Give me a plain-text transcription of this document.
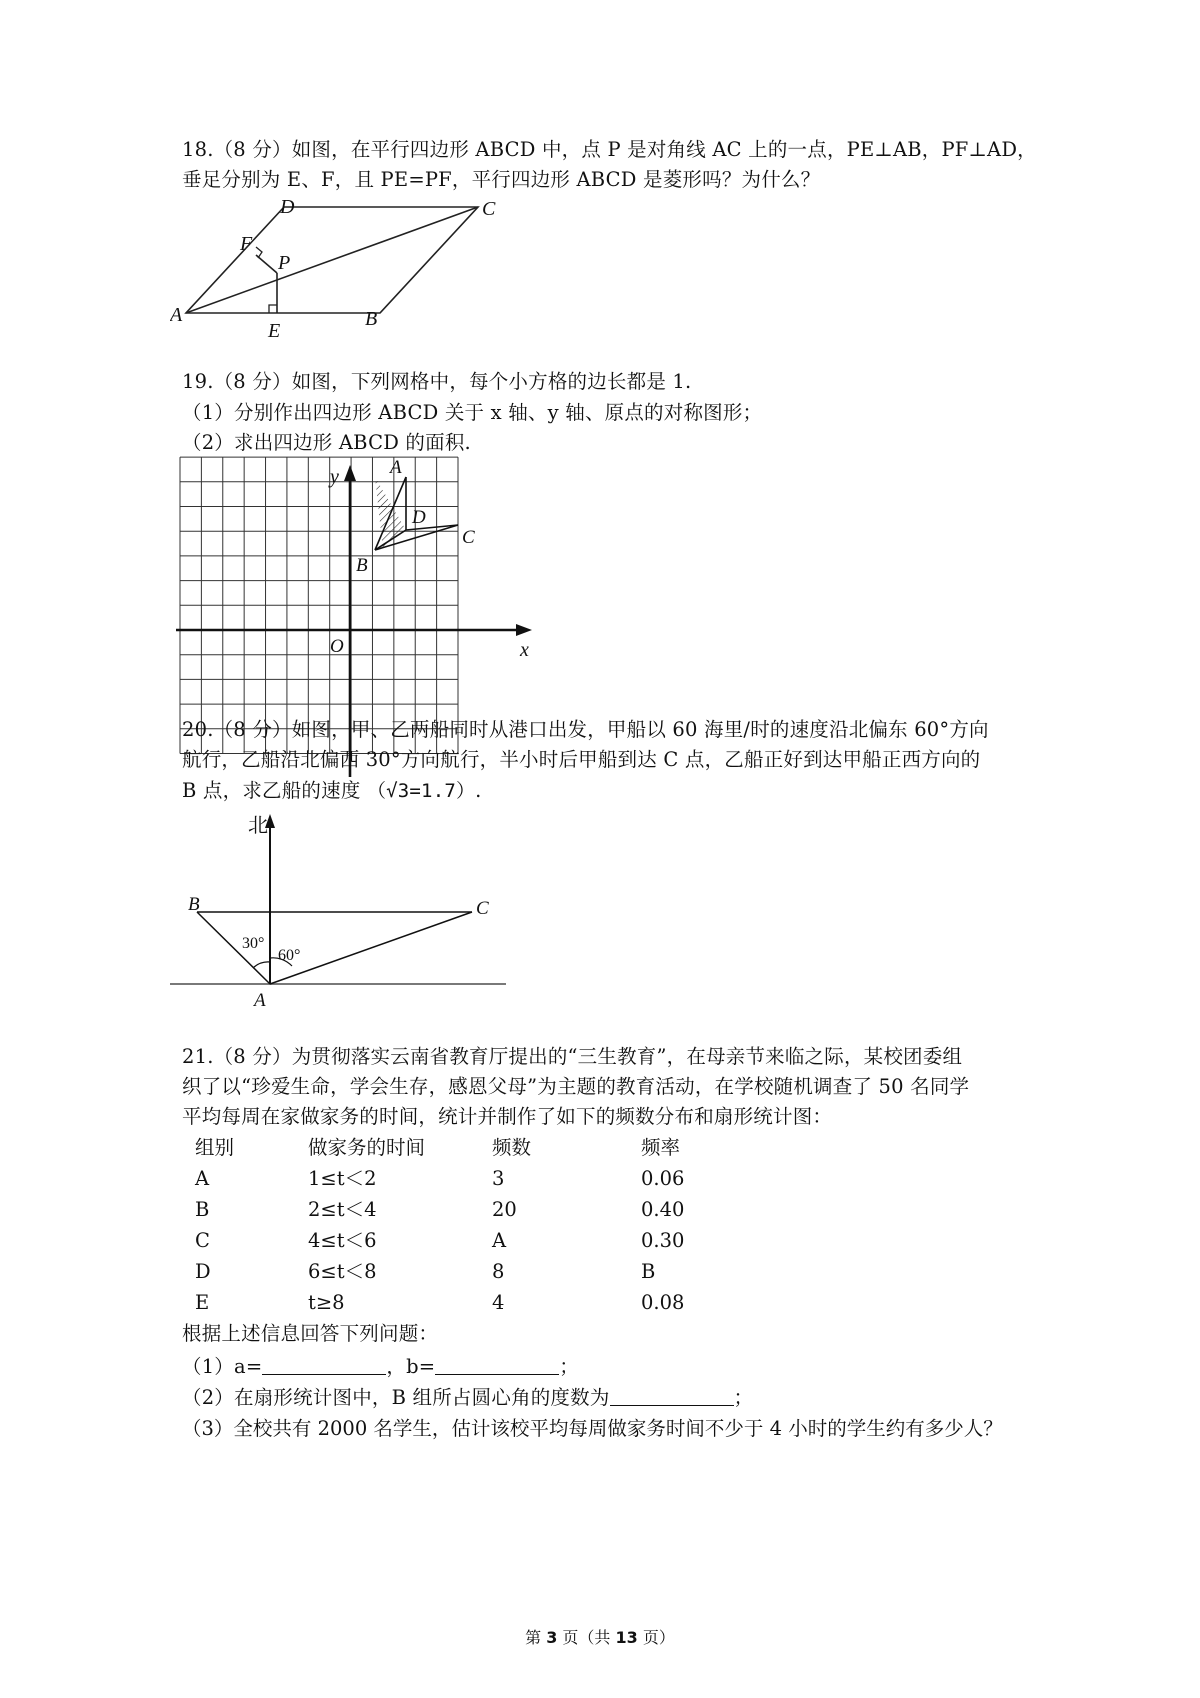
18.（8 分）如图，在平行四边形 ABCD 中，点 P 是对角线 AC 上的一点，PE⊥AB，PF⊥AD，
垂足分别为 E、F，且 PE=PF，平行四边形 ABCD 是菱形吗？为什么？
A	B
C
D
E
F
P
19.（8 分）如图，下列网格中，每个小方格的边长都是 1.
（1）分别作出四边形 ABCD 关于 x 轴、y 轴、原点的对称图形；
（2）求出四边形 ABCD 的面积.
y	A
D
C
B
O	x
20.（8 分）如图，甲、乙两船同时从港口出发，甲船以 60 海里/时的速度沿北偏东 60°方向
航行，乙船沿北偏西 30°方向航行，半小时后甲船到达 C 点，乙船正好到达甲船正西方向的
B 点，求乙船的速度 （√3=1.7）.
北
B	C
A
30°
60°
21.（8 分）为贯彻落实云南省教育厅提出的“三生教育”，在母亲节来临之际，某校团委组
织了以“珍爱生命，学会生存，感恩父母”为主题的教育活动，在学校随机调查了 50 名同学
平均每周在家做家务的时间，统计并制作了如下的频数分布和扇形统计图：
组别	做家务的时间	频数	频率
A	1≤t＜2	3	0.06
B	2≤t＜4	20	0.40
C	4≤t＜6	A	0.30
D	6≤t＜8	8	B
E	t≥8	4	0.08
根据上述信息回答下列问题：
（1）a=	，b=	；
（2）在扇形统计图中，B 组所占圆心角的度数为	；
（3）全校共有 2000 名学生，估计该校平均每周做家务时间不少于 4 小时的学生约有多少人？
第 3 页（共 13 页）
